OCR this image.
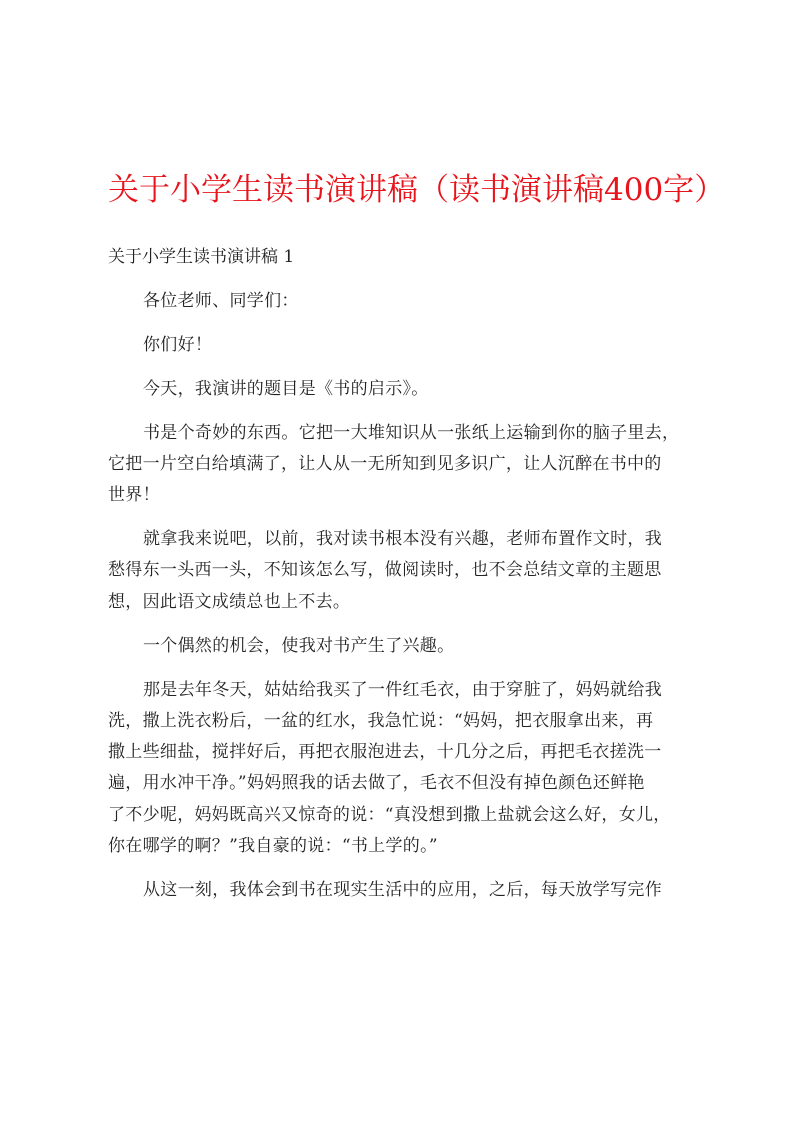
关于小学生读书演讲稿（读书演讲稿400字）
关于小学生读书演讲稿 1

各位老师、同学们：

你们好！

今天，我演讲的题目是《书的启示》。

书是个奇妙的东西。它把一大堆知识从一张纸上运输到你的脑子里去，
它把一片空白给填满了，让人从一无所知到见多识广，让人沉醉在书中的
世界！

就拿我来说吧，以前，我对读书根本没有兴趣，老师布置作文时，我
愁得东一头西一头，不知该怎么写，做阅读时，也不会总结文章的主题思
想，因此语文成绩总也上不去。

一个偶然的机会，使我对书产生了兴趣。

那是去年冬天，姑姑给我买了一件红毛衣，由于穿脏了，妈妈就给我
洗，撒上洗衣粉后，一盆的红水，我急忙说：“妈妈，把衣服拿出来，再
撒上些细盐，搅拌好后，再把衣服泡进去，十几分之后，再把毛衣搓洗一
遍，用水冲干净。”妈妈照我的话去做了，毛衣不但没有掉色颜色还鲜艳
了不少呢，妈妈既高兴又惊奇的说：“真没想到撒上盐就会这么好，女儿，
你在哪学的啊？”我自豪的说：“书上学的。”

从这一刻，我体会到书在现实生活中的应用，之后，每天放学写完作
